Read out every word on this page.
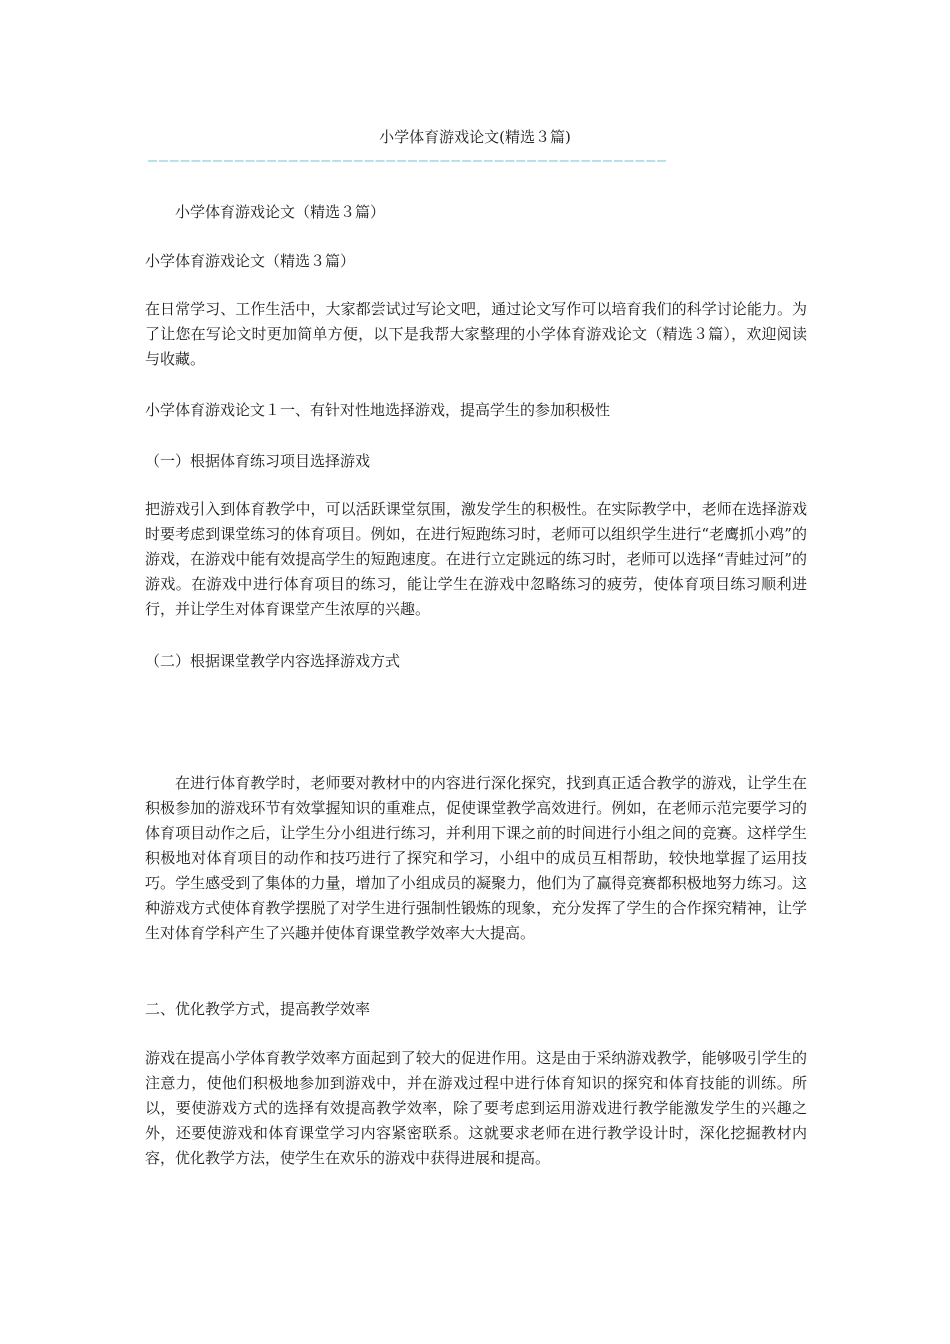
小学体育游戏论文(精选３篇)
————————————————————————————————————————————————

小学体育游戏论文（精选３篇）

小学体育游戏论文（精选３篇）

在日常学习、工作生活中，大家都尝试过写论文吧，通过论文写作可以培育我们的科学讨论能力。为了让您在写论文时更加简单方便，以下是我帮大家整理的小学体育游戏论文（精选３篇），欢迎阅读与收藏。

小学体育游戏论文１一、有针对性地选择游戏，提高学生的参加积极性

（一）根据体育练习项目选择游戏

把游戏引入到体育教学中，可以活跃课堂氛围，激发学生的积极性。在实际教学中，老师在选择游戏时要考虑到课堂练习的体育项目。例如，在进行短跑练习时，老师可以组织学生进行“老鹰抓小鸡”的游戏，在游戏中能有效提高学生的短跑速度。在进行立定跳远的练习时，老师可以选择“青蛙过河”的游戏。在游戏中进行体育项目的练习，能让学生在游戏中忽略练习的疲劳，使体育项目练习顺利进行，并让学生对体育课堂产生浓厚的兴趣。

（二）根据课堂教学内容选择游戏方式

在进行体育教学时，老师要对教材中的内容进行深化探究，找到真正适合教学的游戏，让学生在积极参加的游戏环节有效掌握知识的重难点，促使课堂教学高效进行。例如，在老师示范完要学习的体育项目动作之后，让学生分小组进行练习，并利用下课之前的时间进行小组之间的竞赛。这样学生积极地对体育项目的动作和技巧进行了探究和学习，小组中的成员互相帮助，较快地掌握了运用技巧。学生感受到了集体的力量，增加了小组成员的凝聚力，他们为了赢得竞赛都积极地努力练习。这种游戏方式使体育教学摆脱了对学生进行强制性锻炼的现象，充分发挥了学生的合作探究精神，让学生对体育学科产生了兴趣并使体育课堂教学效率大大提高。

二、优化教学方式，提高教学效率

游戏在提高小学体育教学效率方面起到了较大的促进作用。这是由于采纳游戏教学，能够吸引学生的注意力，使他们积极地参加到游戏中，并在游戏过程中进行体育知识的探究和体育技能的训练。所以，要使游戏方式的选择有效提高教学效率，除了要考虑到运用游戏进行教学能激发学生的兴趣之外，还要使游戏和体育课堂学习内容紧密联系。这就要求老师在进行教学设计时，深化挖掘教材内容，优化教学方法，使学生在欢乐的游戏中获得进展和提高。
